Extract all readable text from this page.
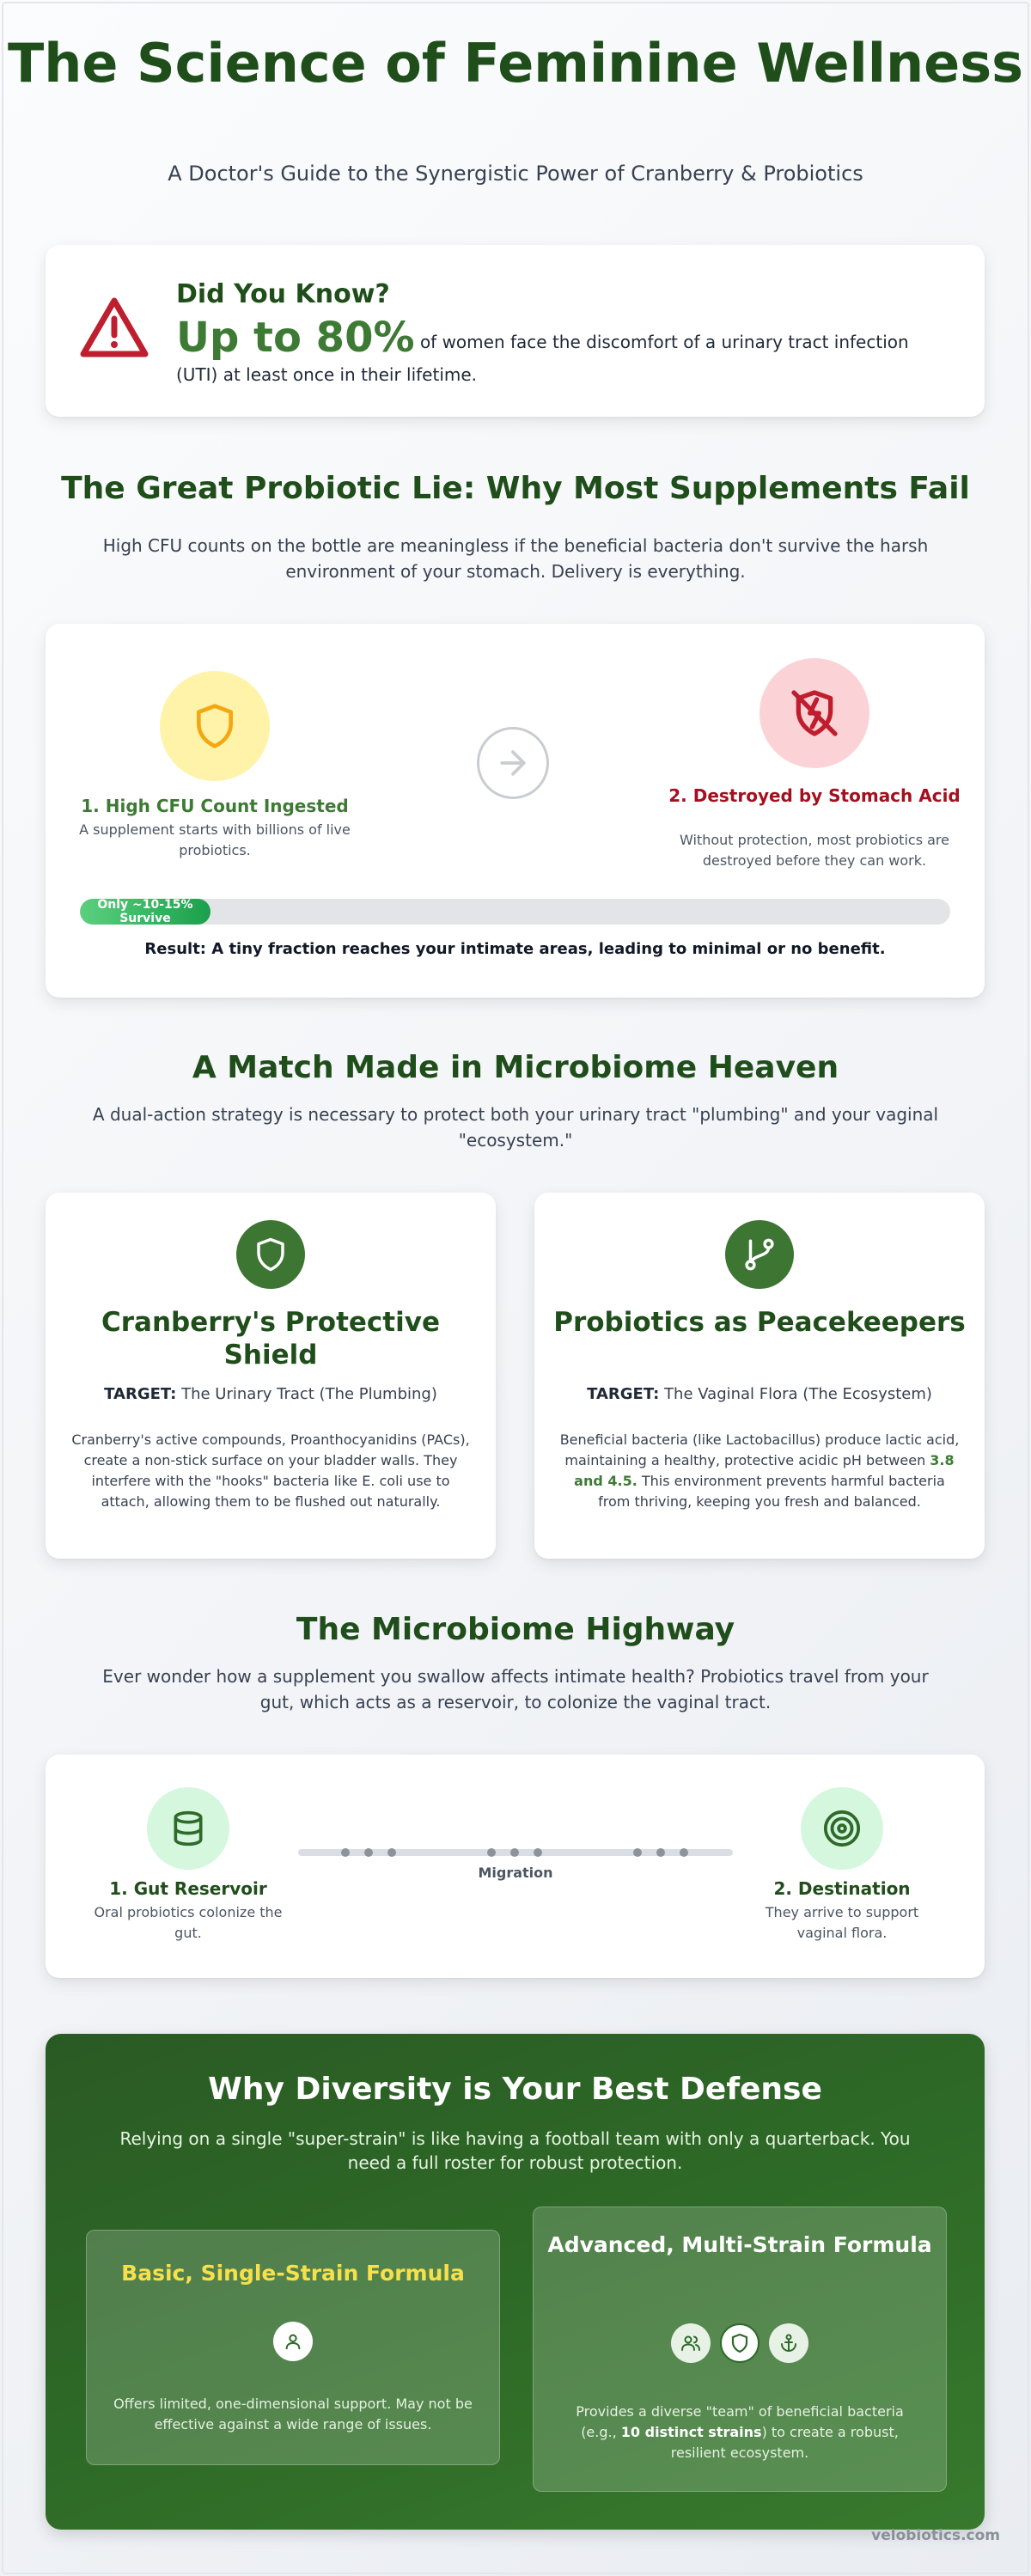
The Science of Feminine Wellness
A Doctor's Guide to the Synergistic Power of Cranberry & Probiotics
Did You Know?
Up to 80% of women face the discomfort of a urinary tract infection (UTI) at least once in their lifetime.
The Great Probiotic Lie: Why Most Supplements Fail
High CFU counts on the bottle are meaningless if the beneficial bacteria don't survive the harsh environment of your stomach. Delivery is everything.
1. High CFU Count Ingested
A supplement starts with billions of live probiotics.
2. Destroyed by Stomach Acid
Without protection, most probiotics are destroyed before they can work.
Only ~10-15% Survive
Result: A tiny fraction reaches your intimate areas, leading to minimal or no benefit.
A Match Made in Microbiome Heaven
A dual-action strategy is necessary to protect both your urinary tract "plumbing" and your vaginal "ecosystem."
Cranberry's Protective Shield
TARGET: The Urinary Tract (The Plumbing)
Cranberry's active compounds, Proanthocyanidins (PACs), create a non-stick surface on your bladder walls. They interfere with the "hooks" bacteria like E. coli use to attach, allowing them to be flushed out naturally.
Probiotics as Peacekeepers
TARGET: The Vaginal Flora (The Ecosystem)
Beneficial bacteria (like Lactobacillus) produce lactic acid, maintaining a healthy, protective acidic pH between 3.8 and 4.5. This environment prevents harmful bacteria from thriving, keeping you fresh and balanced.
The Microbiome Highway
Ever wonder how a supplement you swallow affects intimate health? Probiotics travel from your gut, which acts as a reservoir, to colonize the vaginal tract.
1. Gut Reservoir
Oral probiotics colonize the gut.
Migration
2. Destination
They arrive to support vaginal flora.
Why Diversity is Your Best Defense
Relying on a single "super-strain" is like having a football team with only a quarterback. You need a full roster for robust protection.
Basic, Single-Strain Formula
Offers limited, one-dimensional support. May not be effective against a wide range of issues.
Advanced, Multi-Strain Formula
Provides a diverse "team" of beneficial bacteria (e.g., 10 distinct strains) to create a robust, resilient ecosystem.
velobiotics.com
